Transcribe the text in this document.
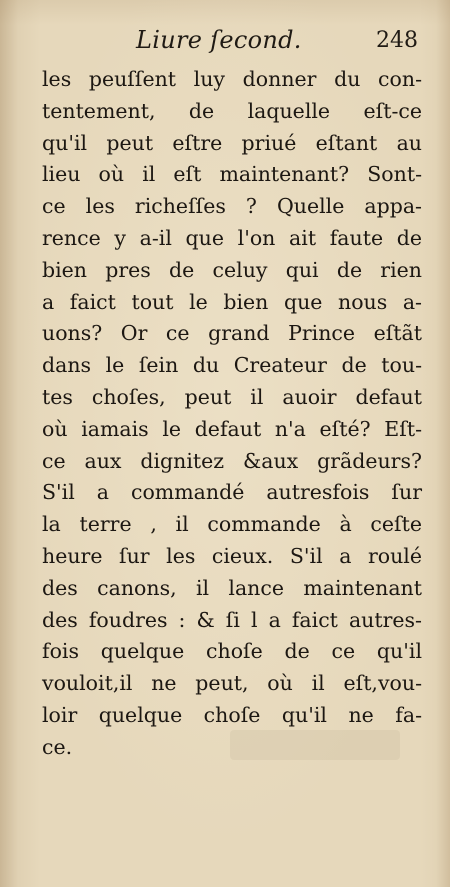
Liure ſecond.	248
les peuſſent luy donner du con-
tentement, de laquelle eſt-ce
qu'il peut eſtre priué eſtant au
lieu où il eſt maintenant? Sont-
ce les richeſſes ? Quelle appa-
rence y a-il que l'on ait faute de
bien pres de celuy qui de rien
a faict tout le bien que nous a-
uons? Or ce grand Prince eſtãt
dans le ſein du Createur de tou-
tes choſes, peut il auoir defaut
où iamais le defaut n'a eſté? Eſt-
ce aux dignitez &aux grãdeurs?
S'il a commandé autresfois ſur
la terre , il commande à ceſte
heure ſur les cieux. S'il a roulé
des canons, il lance maintenant
des foudres : & ſi l a faict autres-
fois quelque choſe de ce qu'il
vouloit,il ne peut, où il eſt,vou-
loir quelque choſe qu'il ne fa-
ce.
